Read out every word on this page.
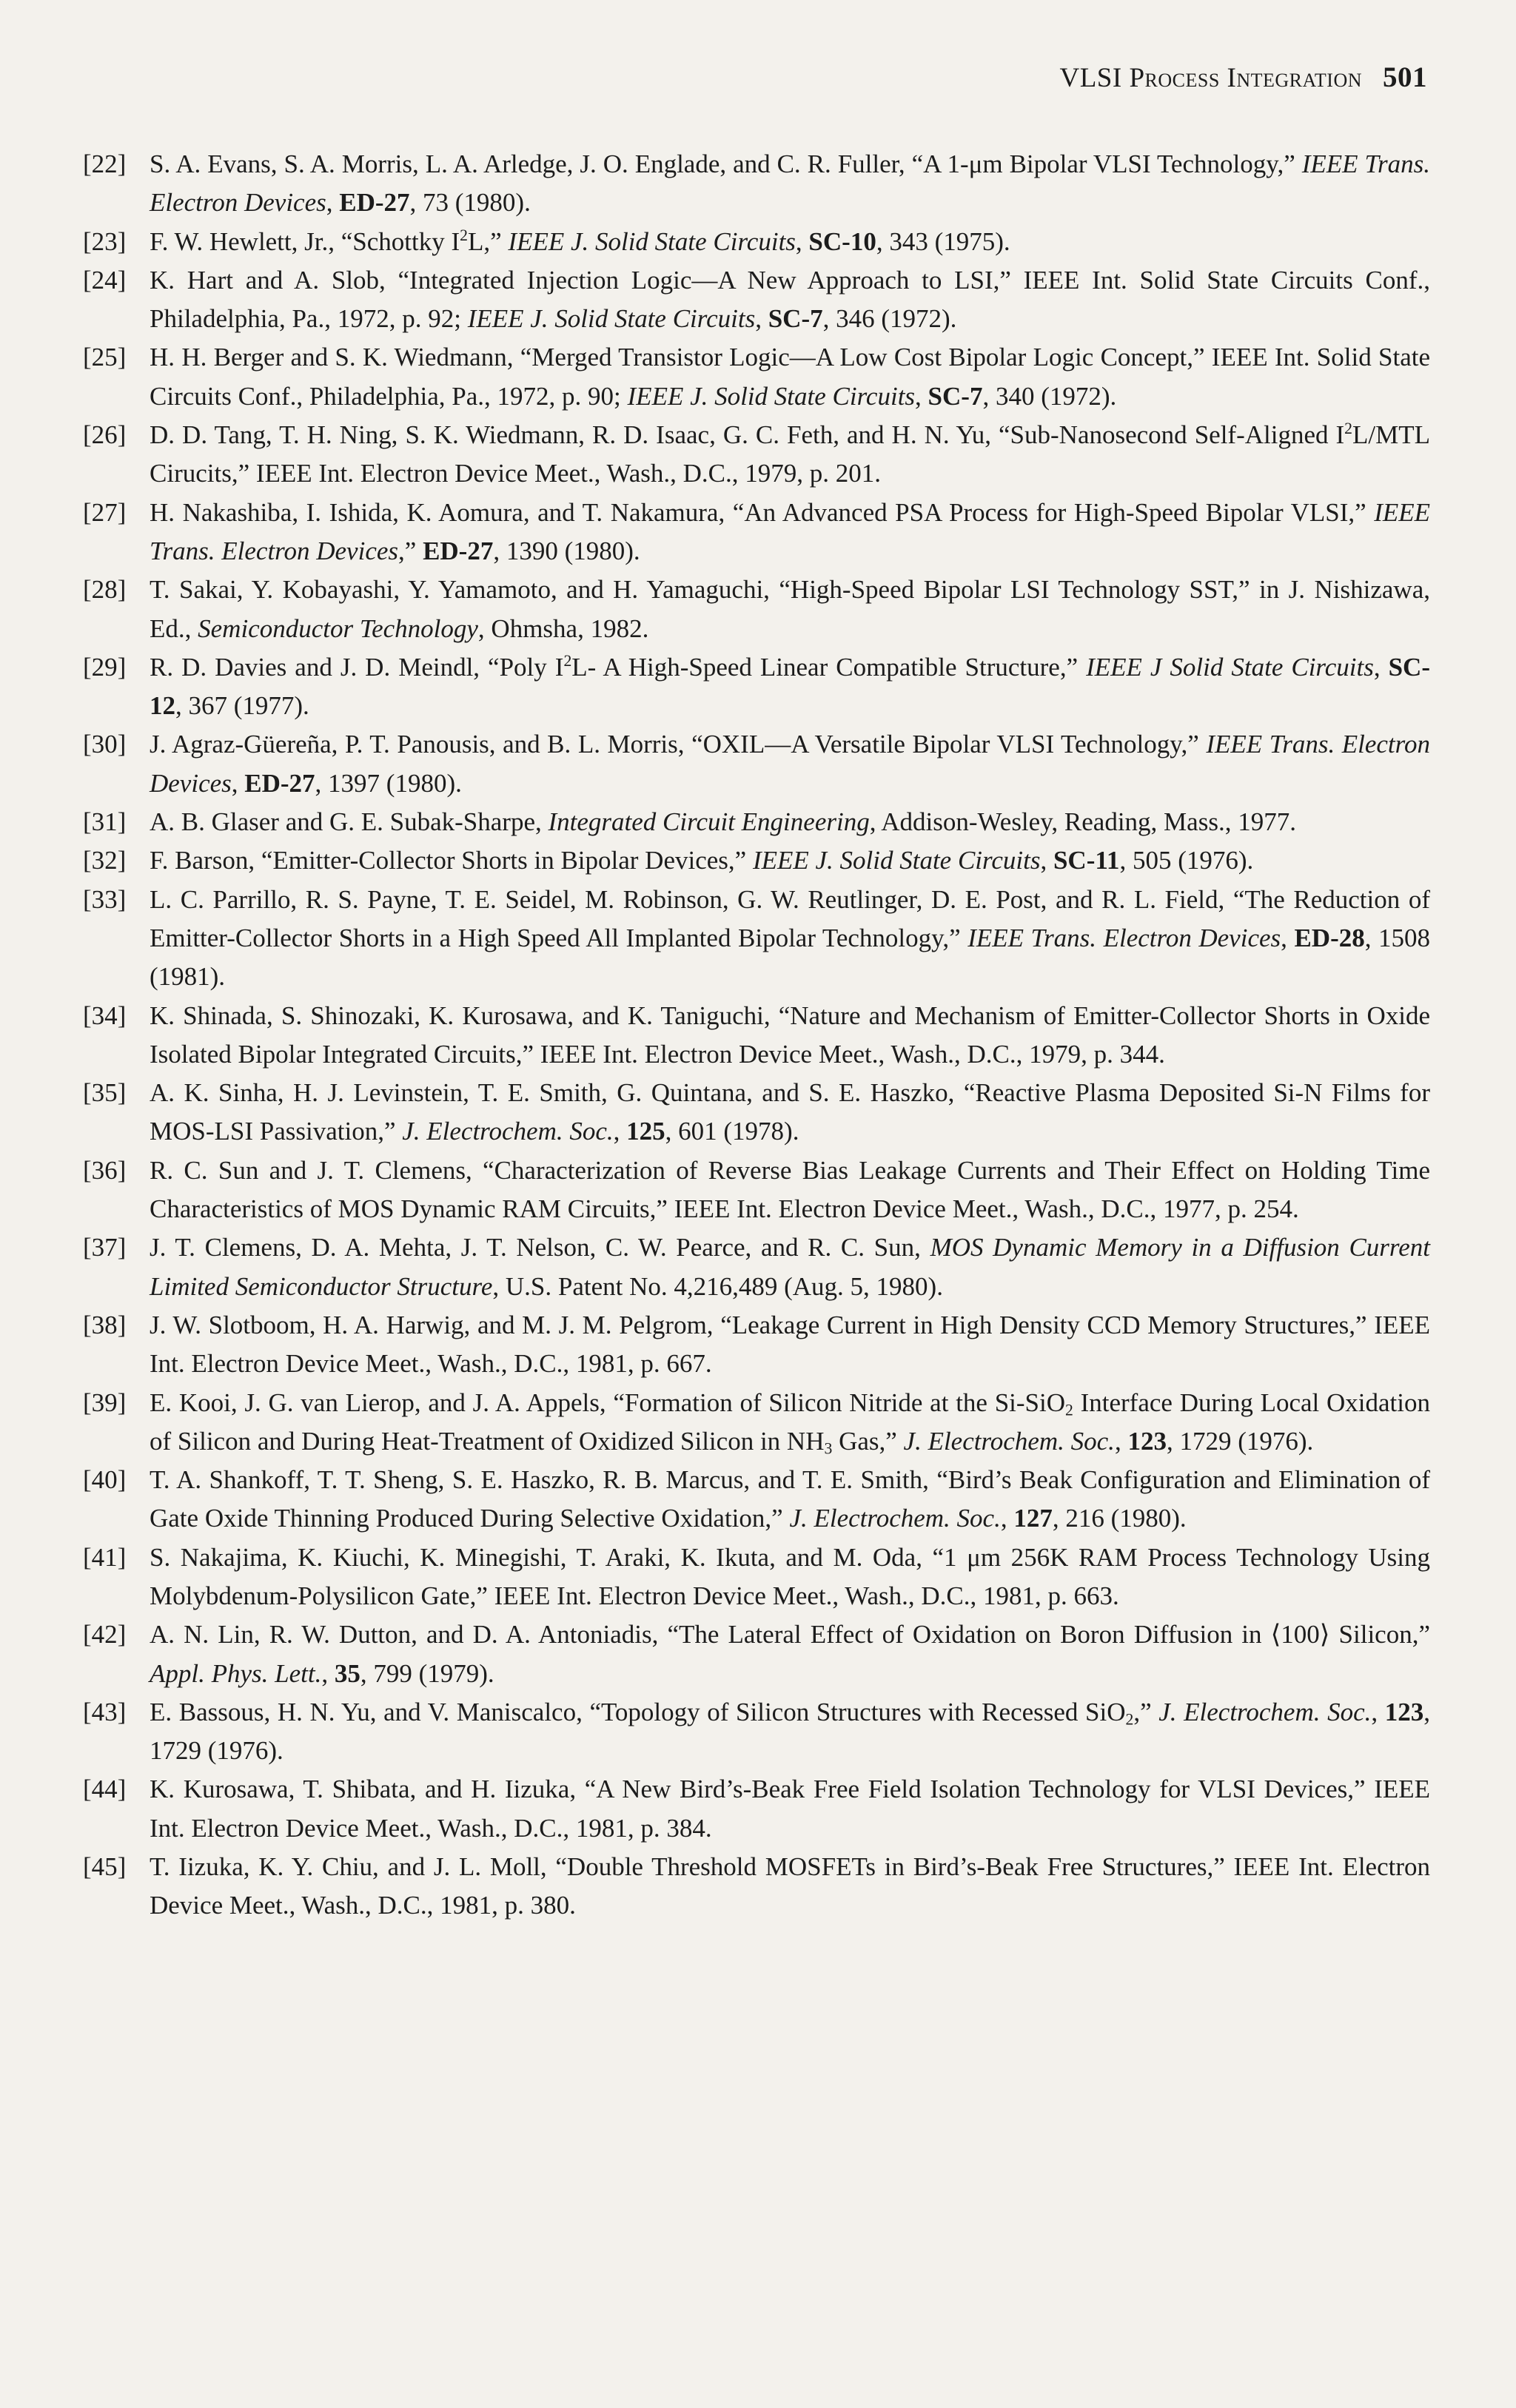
VLSI Process Integration 501
[22] S. A. Evans, S. A. Morris, L. A. Arledge, J. O. Englade, and C. R. Fuller, “A 1-μm Bipolar VLSI Technology,” IEEE Trans. Electron Devices, ED-27, 73 (1980).
[23] F. W. Hewlett, Jr., “Schottky $I^2L$,” IEEE J. Solid State Circuits, SC-10, 343 (1975).
[24] K. Hart and A. Slob, “Integrated Injection Logic—A New Approach to LSI,” IEEE Int. Solid State Circuits Conf., Philadelphia, Pa., 1972, p. 92; IEEE J. Solid State Circuits, SC-7, 346 (1972).
[25] H. H. Berger and S. K. Wiedmann, “Merged Transistor Logic—A Low Cost Bipolar Logic Concept,” IEEE Int. Solid State Circuits Conf., Philadelphia, Pa., 1972, p. 90; IEEE J. Solid State Circuits, SC-7, 340 (1972).
[26] D. D. Tang, T. H. Ning, S. K. Wiedmann, R. D. Isaac, G. C. Feth, and H. N. Yu, “Sub-Nanosecond Self-Aligned $I^2L$/MTL Cirucits,” IEEE Int. Electron Device Meet., Wash., D.C., 1979, p. 201.
[27] H. Nakashiba, I. Ishida, K. Aomura, and T. Nakamura, “An Advanced PSA Process for High-Speed Bipolar VLSI,” IEEE Trans. Electron Devices,” ED-27, 1390 (1980).
[28] T. Sakai, Y. Kobayashi, Y. Yamamoto, and H. Yamaguchi, “High-Speed Bipolar LSI Technology SST,” in J. Nishizawa, Ed., Semiconductor Technology, Ohmsha, 1982.
[29] R. D. Davies and J. D. Meindl, “Poly $I^2L-$ A High-Speed Linear Compatible Structure,” IEEE J Solid State Circuits, SC-12, 367 (1977).
[30] J. Agraz-Güereña, P. T. Panousis, and B. L. Morris, “OXIL—A Versatile Bipolar VLSI Technology,” IEEE Trans. Electron Devices, ED-27, 1397 (1980).
[31] A. B. Glaser and G. E. Subak-Sharpe, Integrated Circuit Engineering, Addison-Wesley, Reading, Mass., 1977.
[32] F. Barson, “Emitter-Collector Shorts in Bipolar Devices,” IEEE J. Solid State Circuits, SC-11, 505 (1976).
[33] L. C. Parrillo, R. S. Payne, T. E. Seidel, M. Robinson, G. W. Reutlinger, D. E. Post, and R. L. Field, “The Reduction of Emitter-Collector Shorts in a High Speed All Implanted Bipolar Technology,” IEEE Trans. Electron Devices, ED-28, 1508 (1981).
[34] K. Shinada, S. Shinozaki, K. Kurosawa, and K. Taniguchi, “Nature and Mechanism of Emitter-Collector Shorts in Oxide Isolated Bipolar Integrated Circuits,” IEEE Int. Electron Device Meet., Wash., D.C., 1979, p. 344.
[35] A. K. Sinha, H. J. Levinstein, T. E. Smith, G. Quintana, and S. E. Haszko, “Reactive Plasma Deposited Si-N Films for MOS-LSI Passivation,” J. Electrochem. Soc., 125, 601 (1978).
[36] R. C. Sun and J. T. Clemens, “Characterization of Reverse Bias Leakage Currents and Their Effect on Holding Time Characteristics of MOS Dynamic RAM Circuits,” IEEE Int. Electron Device Meet., Wash., D.C., 1977, p. 254.
[37] J. T. Clemens, D. A. Mehta, J. T. Nelson, C. W. Pearce, and R. C. Sun, MOS Dynamic Memory in a Diffusion Current Limited Semiconductor Structure, U.S. Patent No. 4,216,489 (Aug. 5, 1980).
[38] J. W. Slotboom, H. A. Harwig, and M. J. M. Pelgrom, “Leakage Current in High Density CCD Memory Structures,” IEEE Int. Electron Device Meet., Wash., D.C., 1981, p. 667.
[39] E. Kooi, J. G. van Lierop, and J. A. Appels, “Formation of Silicon Nitride at the Si-SiO$_2$ Interface During Local Oxidation of Silicon and During Heat-Treatment of Oxidized Silicon in $NH_3$ Gas,” J. Electrochem. Soc., 123, 1729 (1976).
[40] T. A. Shankoff, T. T. Sheng, S. E. Haszko, R. B. Marcus, and T. E. Smith, “Bird’s Beak Configuration and Elimination of Gate Oxide Thinning Produced During Selective Oxidation,” J. Electrochem. Soc., 127, 216 (1980).
[41] S. Nakajima, K. Kiuchi, K. Minegishi, T. Araki, K. Ikuta, and M. Oda, “1 μm 256K RAM Process Technology Using Molybdenum-Polysilicon Gate,” IEEE Int. Electron Device Meet., Wash., D.C., 1981, p. 663.
[42] A. N. Lin, R. W. Dutton, and D. A. Antoniadis, “The Lateral Effect of Oxidation on Boron Diffusion in ⟨100⟩ Silicon,” Appl. Phys. Lett., 35, 799 (1979).
[43] E. Bassous, H. N. Yu, and V. Maniscalco, “Topology of Silicon Structures with Recessed SiO$_2$,” J. Electrochem. Soc., 123, 1729 (1976).
[44] K. Kurosawa, T. Shibata, and H. Iizuka, “A New Bird’s-Beak Free Field Isolation Technology for VLSI Devices,” IEEE Int. Electron Device Meet., Wash., D.C., 1981, p. 384.
[45] T. Iizuka, K. Y. Chiu, and J. L. Moll, “Double Threshold MOSFETs in Bird’s-Beak Free Structures,” IEEE Int. Electron Device Meet., Wash., D.C., 1981, p. 380.
